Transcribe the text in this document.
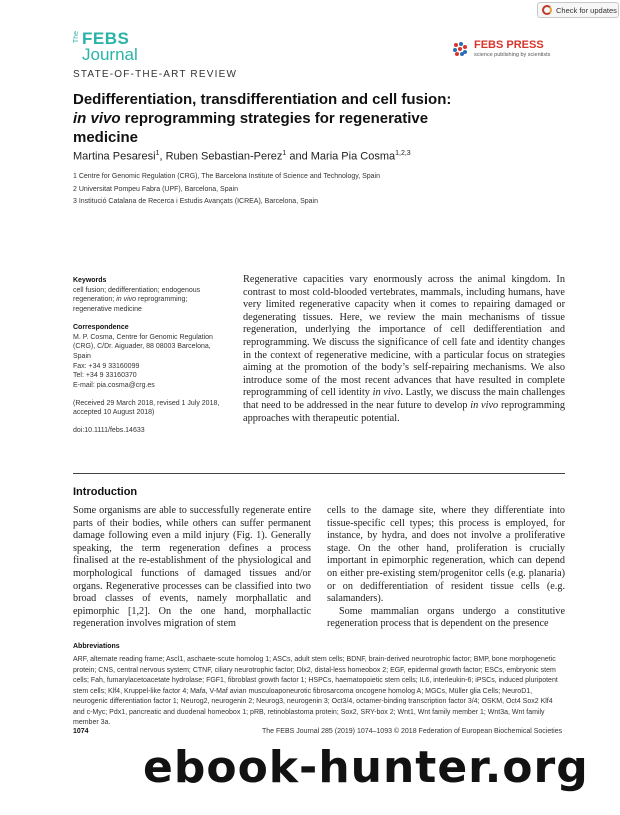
Check for updates
The FEBS
Journal	FEBS PRESS
science publishing by scientists
STATE-OF-THE-ART REVIEW
Dedifferentiation, transdifferentiation and cell fusion:
in vivo reprogramming strategies for regenerative
medicine
Martina Pesaresi$^1$, Ruben Sebastian-Perez$^1$ and Maria Pia Cosma$^{1,2,3}$
1 Centre for Genomic Regulation (CRG), The Barcelona Institute of Science and Technology, Spain
2 Universitat Pompeu Fabra (UPF), Barcelona, Spain
3 Institució Catalana de Recerca i Estudis Avançats (ICREA), Barcelona, Spain
Keywords

cell fusion; dedifferentiation; endogenous regeneration; in vivo reprogramming; regenerative medicine

Correspondence

M. P. Cosma, Centre for Genomic Regulation (CRG), C/Dr. Aiguader, 88 08003 Barcelona, Spain

Fax: +34 9 33160099

Tel: +34 9 33160370

E-mail: pia.cosma@crg.es

(Received 29 March 2018, revised 1 July 2018, accepted 10 August 2018)

doi:10.1111/febs.14633

Regenerative capacities vary enormously across the animal kingdom. In contrast to most cold-blooded vertebrates, mammals, including humans, have very limited regenerative capacity when it comes to repairing damaged or degenerating tissues. Here, we review the main mechanisms of tissue regeneration, underlying the importance of cell dedifferentiation and reprogramming. We discuss the significance of cell fate and identity changes in the context of regenerative medicine, with a particular focus on strategies aiming at the promotion of the body’s self-repairing mechanisms. We also introduce some of the most recent advances that have resulted in complete reprogramming of cell identity in vivo. Lastly, we discuss the main challenges that need to be addressed in the near future to develop in vivo reprogramming approaches with therapeutic potential.

Introduction

Some organisms are able to successfully regenerate entire parts of their bodies, while others can suffer permanent damage following even a mild injury (Fig. 1). Generally speaking, the term regeneration defines a process finalised at the re-establishment of the physiological and morphological functions of damaged tissues and/or organs. Regenerative processes can be classified into two broad classes of events, namely morphallatic and epimorphic [1,2]. On the one hand, morphallactic regeneration involves migration of stem

cells to the damage site, where they differentiate into tissue-specific cell types; this process is employed, for instance, by hydra, and does not involve a proliferative stage. On the other hand, proliferation is crucially important in epimorphic regeneration, which can depend on either pre-existing stem/progenitor cells (e.g. planaria) or on dedifferentiation of resident tissue cells (e.g. salamanders).

Some mammalian organs undergo a constitutive regeneration process that is dependent on the presence

Abbreviations

ARF, alternate reading frame; Ascl1, aschaete-scute homolog 1; ASCs, adult stem cells; BDNF, brain-derived neurotrophic factor; BMP, bone morphogenetic protein; CNS, central nervous system; CTNF, ciliary neurotrophic factor; Dlx2, distal-less homeobox 2; EGF, epidermal growth factor; ESCs, embryonic stem cells; Fah, fumarylacetoacetate hydrolase; FGF1, fibroblast growth factor 1; HSPCs, haematopoietic stem cells; IL6, interleukin-6; iPSCs, induced pluripotent stem cells; Klf4, Kruppel-like factor 4; Mafa, V-Maf avian musculoaponeurotic fibrosarcoma oncogene homolog A; MGCs, Müller glia Cells; NeuroD1, neurogenic differentiation factor 1; Neurog2, neurogenin 2; Neurog3, neurogenin 3; Oct3/4, octamer-binding transcription factor 3/4; OSKM, Oct4 Sox2 Klf4 and c-Myc; Pdx1, pancreatic and duodenal homeobox 1; pRB, retinoblastoma protein; Sox2, SRY-box 2; Wnt1, Wnt family member 1; Wnt3a, Wnt family member 3a.

1074	The FEBS Journal 285 (2019) 1074–1093 © 2018 Federation of European Biochemical Societies
ebook-hunter.org
